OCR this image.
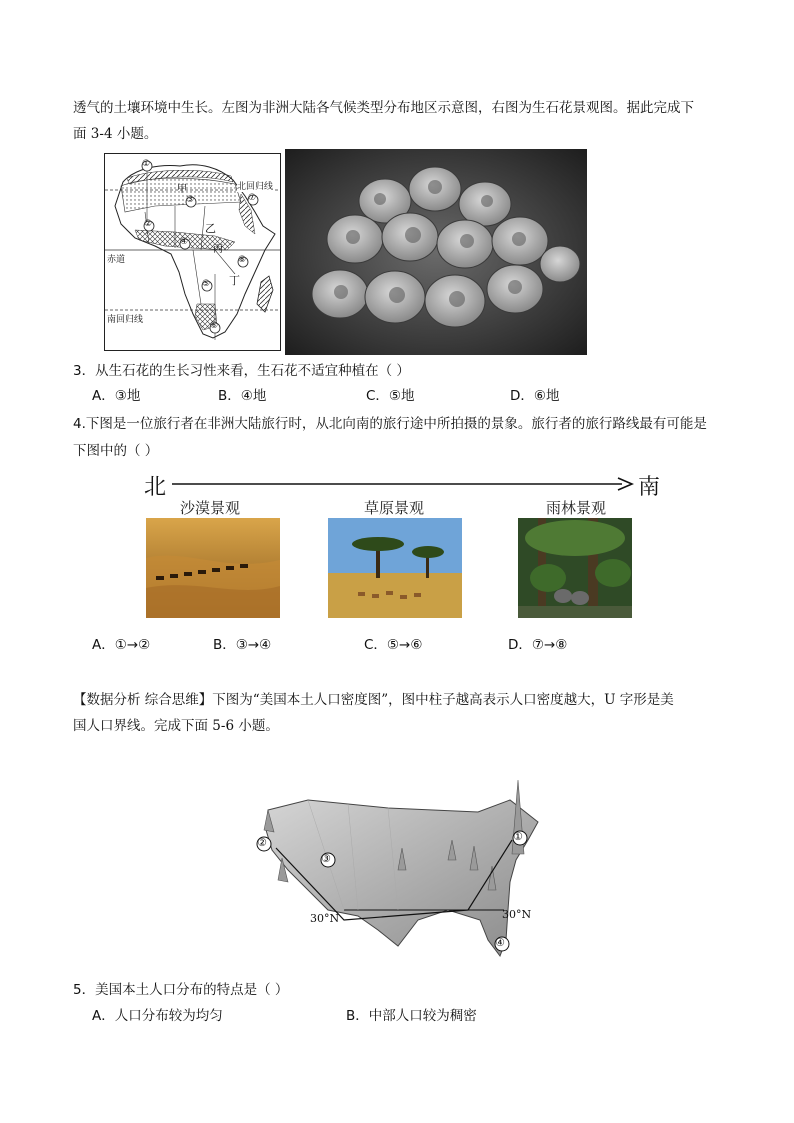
透气的土壤环境中生长。左图为非洲大陆各气候类型分布地区示意图，右图为生石花景观图。据此完成下
面 3-4 小题。
①
②
③
④
⑤
⑥
⑦
⑧
甲
乙
丙
丁
北回归线
赤道
南回归线
3．从生石花的生长习性来看，生石花不适宜种植在（ ）
A．③地	B．④地	C．⑤地	D．⑥地
4.下图是一位旅行者在非洲大陆旅行时，从北向南的旅行途中所拍摄的景象。旅行者的旅行路线最有可能是
下图中的（ ）
北	南
沙漠景观	草原景观	雨林景观
A．①→②	B．③→④	C．⑤→⑥	D．⑦→⑧
【数据分析 综合思维】下图为“美国本土人口密度图”，图中柱子越高表示人口密度越大，U 字形是美
国人口界线。完成下面 5-6 小题。
①
②
③
④
30°N	30°N
5．美国本土人口分布的特点是（ ）
A．人口分布较为均匀	B．中部人口较为稠密
